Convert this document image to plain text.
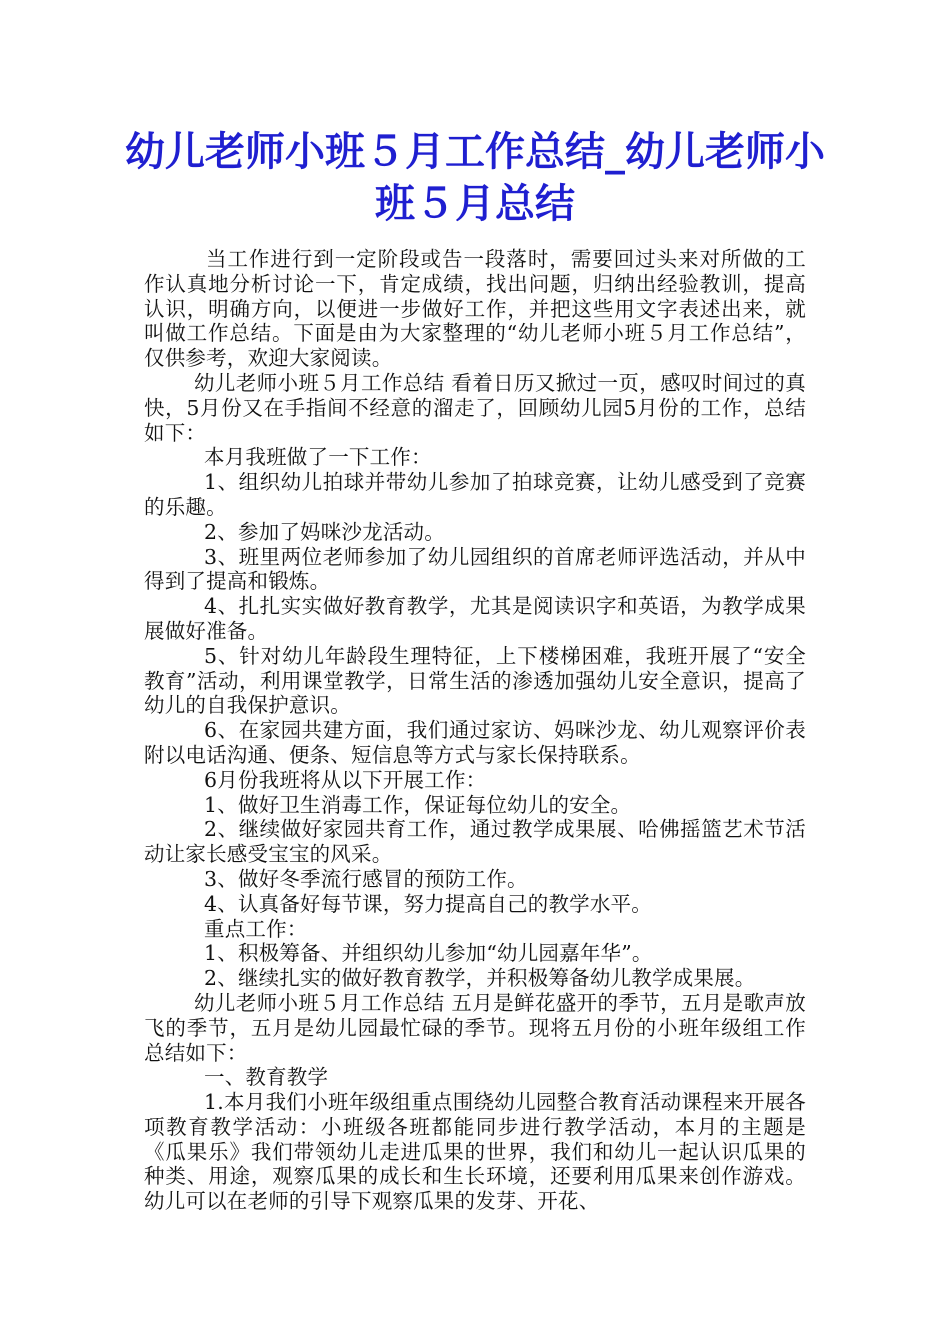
幼儿老师小班５月工作总结_幼儿老师小班５月总结

当工作进行到一定阶段或告一段落时，需要回过头来对所做的工作认真地分析讨论一下，肯定成绩，找出问题，归纳出经验教训，提高认识，明确方向，以便进一步做好工作，并把这些用文字表述出来，就叫做工作总结。下面是由为大家整理的“幼儿老师小班５月工作总结”，仅供参考，欢迎大家阅读。

幼儿老师小班５月工作总结 看着日历又掀过一页，感叹时间过的真快，5月份又在手指间不经意的溜走了，回顾幼儿园5月份的工作，总结如下：

本月我班做了一下工作：

1、组织幼儿拍球并带幼儿参加了拍球竞赛，让幼儿感受到了竞赛的乐趣。

2、参加了妈咪沙龙活动。

3、班里两位老师参加了幼儿园组织的首席老师评选活动，并从中得到了提高和锻炼。

4、扎扎实实做好教育教学，尤其是阅读识字和英语，为教学成果展做好准备。

5、针对幼儿年龄段生理特征，上下楼梯困难，我班开展了“安全教育”活动，利用课堂教学，日常生活的渗透加强幼儿安全意识，提高了幼儿的自我保护意识。

6、在家园共建方面，我们通过家访、妈咪沙龙、幼儿观察评价表附以电话沟通、便条、短信息等方式与家长保持联系。

6月份我班将从以下开展工作：

1、做好卫生消毒工作，保证每位幼儿的安全。

2、继续做好家园共育工作，通过教学成果展、哈佛摇篮艺术节活动让家长感受宝宝的风采。

3、做好冬季流行感冒的预防工作。

4、认真备好每节课，努力提高自己的教学水平。

重点工作：

1、积极筹备、并组织幼儿参加“幼儿园嘉年华”。

2、继续扎实的做好教育教学，并积极筹备幼儿教学成果展。

幼儿老师小班５月工作总结 五月是鲜花盛开的季节，五月是歌声放飞的季节，五月是幼儿园最忙碌的季节。现将五月份的小班年级组工作总结如下：

一、教育教学

1.本月我们小班年级组重点围绕幼儿园整合教育活动课程来开展各项教育教学活动：小班级各班都能同步进行教学活动，本月的主题是《瓜果乐》我们带领幼儿走进瓜果的世界，我们和幼儿一起认识瓜果的种类、用途，观察瓜果的成长和生长环境，还要利用瓜果来创作游戏。幼儿可以在老师的引导下观察瓜果的发芽、开花、
